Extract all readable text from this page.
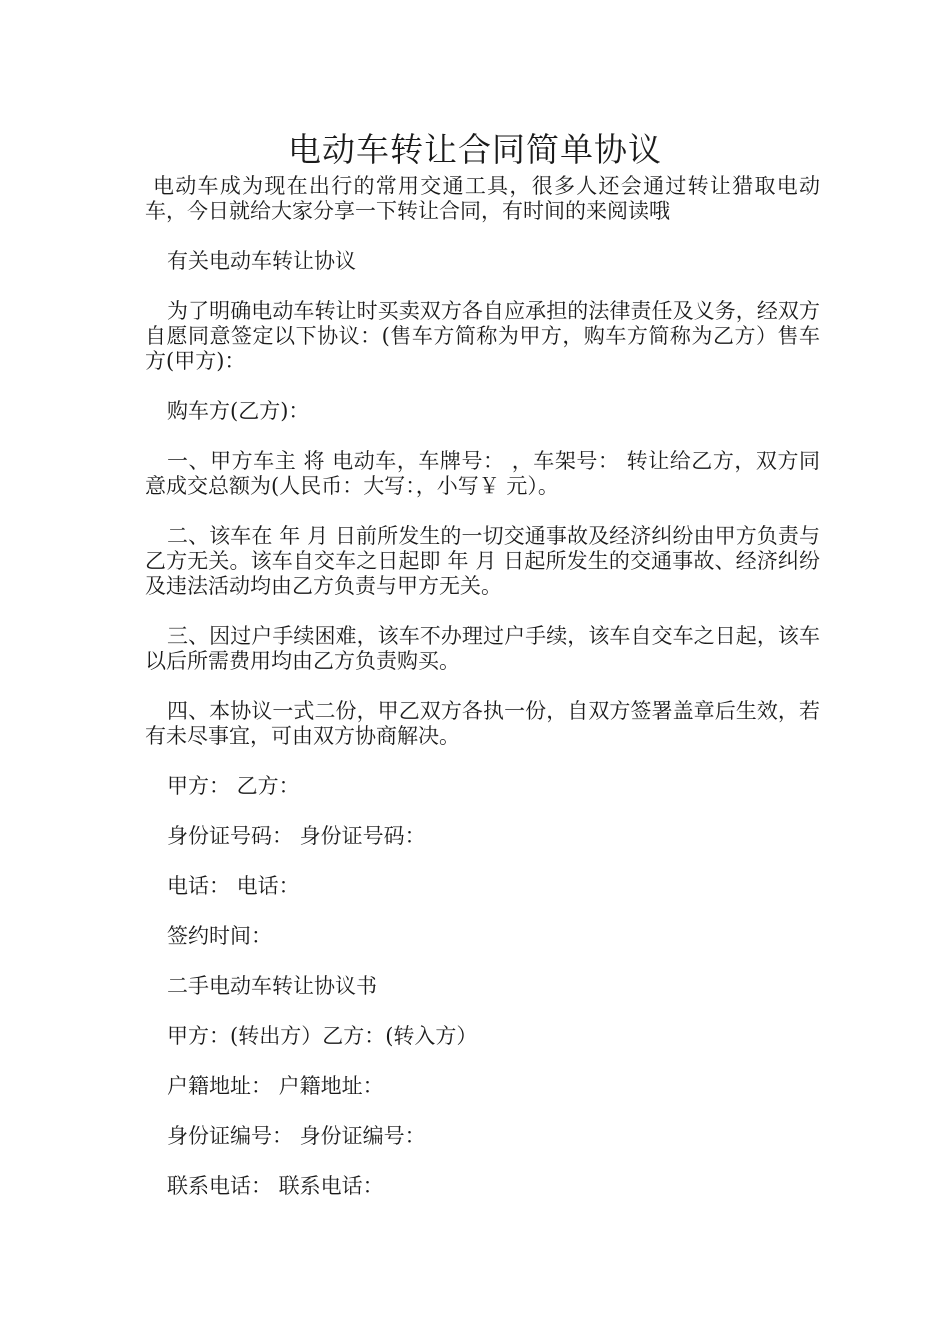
电动车转让合同简单协议

电动车成为现在出行的常用交通工具，很多人还会通过转让猎取电动车，今日就给大家分享一下转让合同，有时间的来阅读哦

有关电动车转让协议

为了明确电动车转让时买卖双方各自应承担的法律责任及义务，经双方自愿同意签定以下协议：(售车方简称为甲方，购车方简称为乙方）售车方(甲方)：

购车方(乙方)：

一、甲方车主 将 电动车，车牌号： ，车架号： 转让给乙方，双方同意成交总额为(人民币：大写：，小写￥ 元）。

二、该车在 年 月 日前所发生的一切交通事故及经济纠纷由甲方负责与乙方无关。该车自交车之日起即 年 月 日起所发生的交通事故、经济纠纷及违法活动均由乙方负责与甲方无关。

三、因过户手续困难，该车不办理过户手续，该车自交车之日起，该车以后所需费用均由乙方负责购买。

四、本协议一式二份，甲乙双方各执一份，自双方签署盖章后生效，若有未尽事宜，可由双方协商解决。

甲方： 乙方：

身份证号码： 身份证号码：

电话： 电话：

签约时间：

二手电动车转让协议书

甲方：(转出方）乙方：(转入方）

户籍地址： 户籍地址：

身份证编号： 身份证编号：

联系电话： 联系电话：
